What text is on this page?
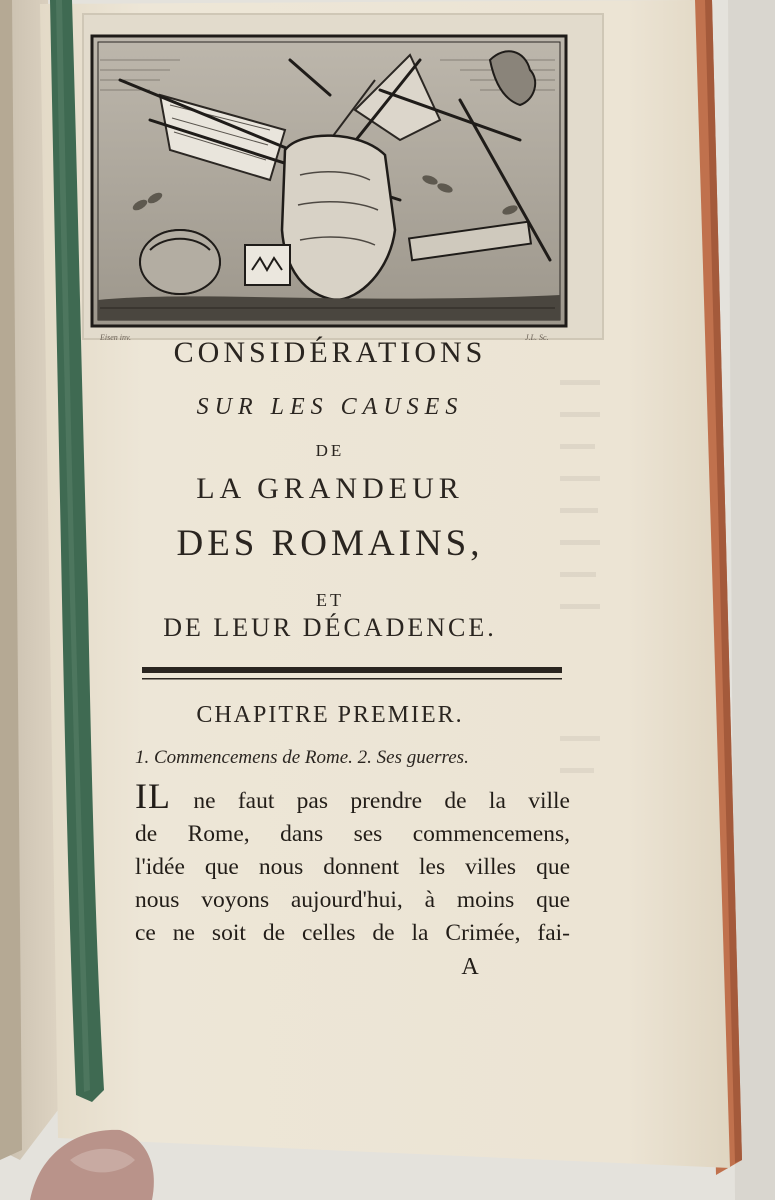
Eisen inv.	J.L. Sc.
CONSIDÉRATIONS
SUR LES CAUSES
DE
LA GRANDEUR
DES ROMAINS,
ET
DE LEUR DÉCADENCE.
CHAPITRE PREMIER.
1. Commencemens de Rome. 2. Ses guerres.
IL ne faut pas prendre de la ville
de Rome, dans ses commencemens,
l'idée que nous donnent les villes que
nous voyons aujourd'hui, à moins que
ce ne soit de celles de la Crimée, fai-
A
